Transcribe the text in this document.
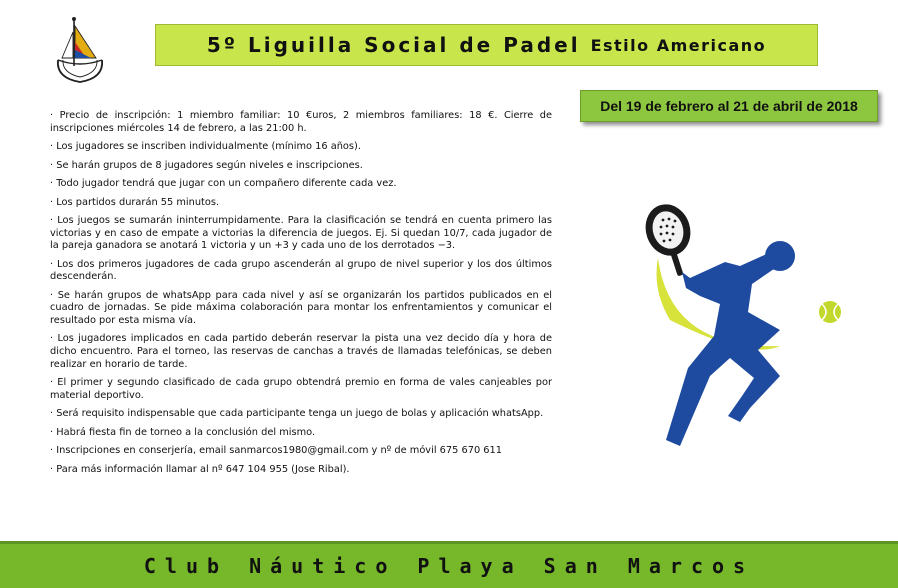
5º Liguilla Social de Padel Estilo Americano
Del 19 de febrero al 21 de abril de 2018
· Precio de inscripción: 1 miembro familiar: 10 €uros, 2 miembros familiares: 18 €. Cierre de inscripciones miércoles 14 de febrero, a las 21:00 h.
· Los jugadores se inscriben individualmente (mínimo 16 años).
· Se harán grupos de 8 jugadores según niveles e inscripciones.
· Todo jugador tendrá que jugar con un compañero diferente cada vez.
· Los partidos durarán 55 minutos.
· Los juegos se sumarán ininterrumpidamente. Para la clasificación se tendrá en cuenta primero las victorias y en caso de empate a victorias la diferencia de juegos. Ej. Si quedan 10/7, cada jugador de la pareja ganadora se anotará 1 victoria y un +3 y cada uno de los derrotados −3.
· Los dos primeros jugadores de cada grupo ascenderán al grupo de nivel superior y los dos últimos descenderán.
· Se harán grupos de whatsApp para cada nivel y así se organizarán los partidos publicados en el cuadro de jornadas. Se pide máxima colaboración para montar los enfrentamientos y comunicar el resultado por esta misma vía.
· Los jugadores implicados en cada partido deberán reservar la pista una vez decido día y hora de dicho encuentro. Para el torneo, las reservas de canchas a través de llamadas telefónicas, se deben realizar en horario de tarde.
· El primer y segundo clasificado de cada grupo obtendrá premio en forma de vales canjeables por material deportivo.
· Será requisito indispensable que cada participante tenga un juego de bolas y aplicación whatsApp.
· Habrá fiesta fin de torneo a la conclusión del mismo.
· Inscripciones en conserjería, email sanmarcos1980@gmail.com y nº de móvil 675 670 611
· Para más información llamar al nº 647 104 955 (Jose Ribal).
Club Náutico Playa San Marcos
